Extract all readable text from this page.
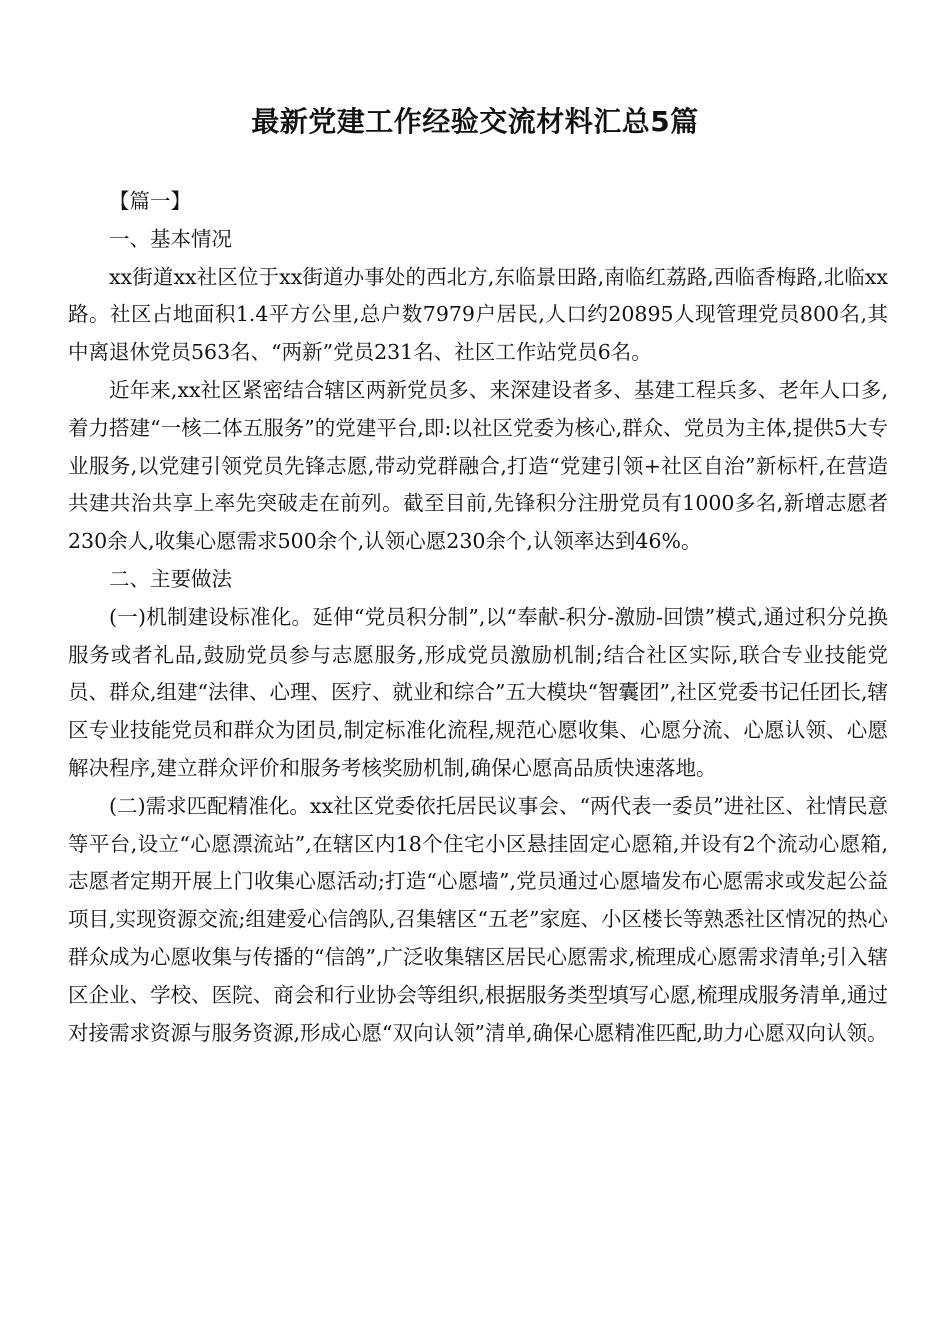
最新党建工作经验交流材料汇总5篇

【篇一】

一、基本情况

xx街道xx社区位于xx街道办事处的西北方,东临景田路,南临红荔路,西临香梅路,北临xx路。社区占地面积1.4平方公里,总户数7979户居民,人口约20895人现管理党员800名,其中离退休党员563名、“两新”党员231名、社区工作站党员6名。

近年来,xx社区紧密结合辖区两新党员多、来深建设者多、基建工程兵多、老年人口多,着力搭建“一核二体五服务”的党建平台,即:以社区党委为核心,群众、党员为主体,提供5大专业服务,以党建引领党员先锋志愿,带动党群融合,打造“党建引领+社区自治”新标杆,在营造共建共治共享上率先突破走在前列。截至目前,先锋积分注册党员有1000多名,新增志愿者230余人,收集心愿需求500余个,认领心愿230余个,认领率达到46%。

二、主要做法

(一)机制建设标准化。延伸“党员积分制”,以“奉献-积分-激励-回馈”模式,通过积分兑换服务或者礼品,鼓励党员参与志愿服务,形成党员激励机制;结合社区实际,联合专业技能党员、群众,组建“法律、心理、医疗、就业和综合”五大模块“智囊团”,社区党委书记任团长,辖区专业技能党员和群众为团员,制定标准化流程,规范心愿收集、心愿分流、心愿认领、心愿解决程序,建立群众评价和服务考核奖励机制,确保心愿高品质快速落地。

(二)需求匹配精准化。xx社区党委依托居民议事会、“两代表一委员”进社区、社情民意等平台,设立“心愿漂流站”,在辖区内18个住宅小区悬挂固定心愿箱,并设有2个流动心愿箱,志愿者定期开展上门收集心愿活动;打造“心愿墙”,党员通过心愿墙发布心愿需求或发起公益项目,实现资源交流;组建爱心信鸽队,召集辖区“五老”家庭、小区楼长等熟悉社区情况的热心群众成为心愿收集与传播的“信鸽”,广泛收集辖区居民心愿需求,梳理成心愿需求清单;引入辖区企业、学校、医院、商会和行业协会等组织,根据服务类型填写心愿,梳理成服务清单,通过对接需求资源与服务资源,形成心愿“双向认领”清单,确保心愿精准匹配,助力心愿双向认领。
